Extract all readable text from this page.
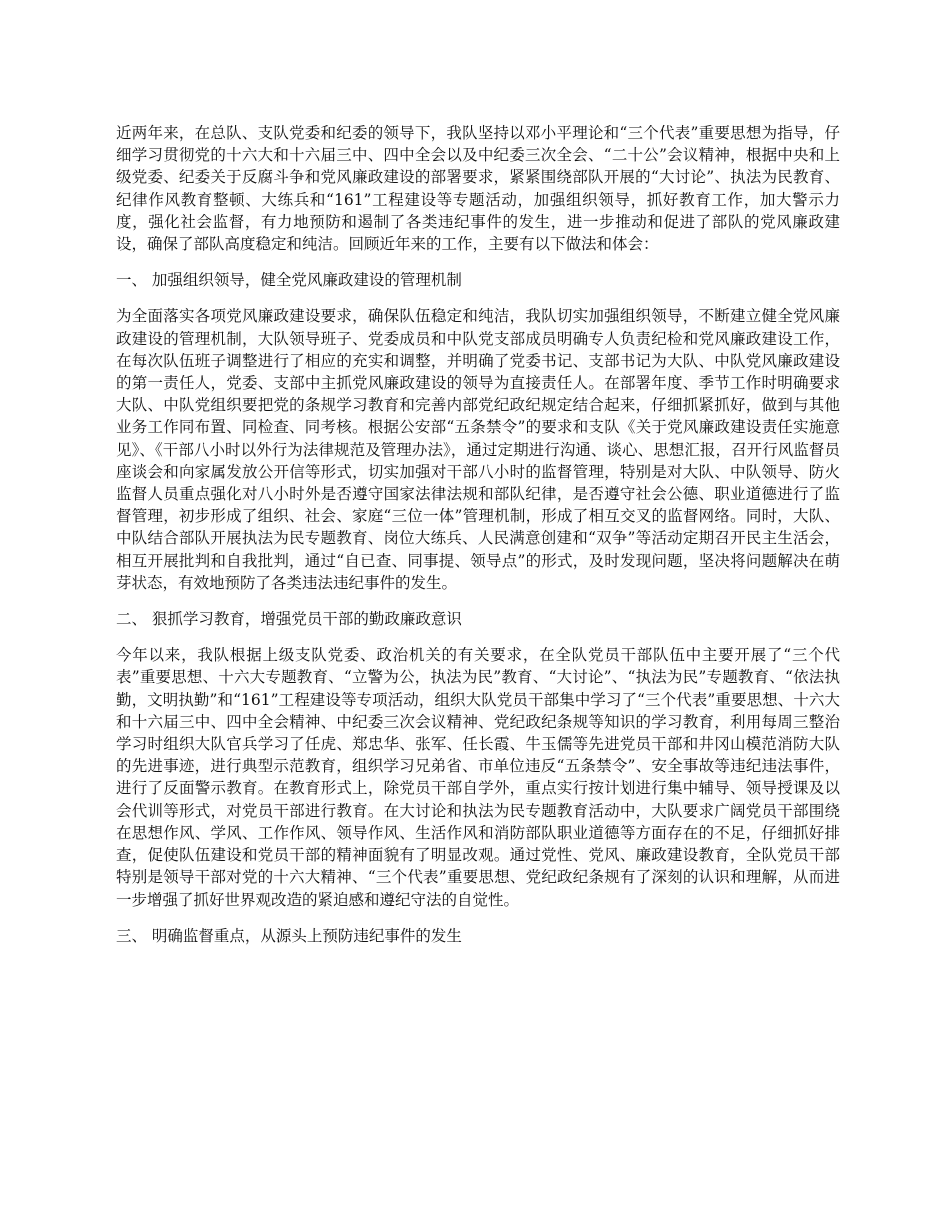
近两年来，在总队、支队党委和纪委的领导下，我队坚持以邓小平理论和“三个代表”重要思想为指导，仔细学习贯彻党的十六大和十六届三中、四中全会以及中纪委三次全会、“二十公”会议精神，根据中央和上级党委、纪委关于反腐斗争和党风廉政建设的部署要求，紧紧围绕部队开展的“大讨论”、执法为民教育、纪律作风教育整顿、大练兵和“161”工程建设等专题活动，加强组织领导，抓好教育工作，加大警示力度，强化社会监督，有力地预防和遏制了各类违纪事件的发生，进一步推动和促进了部队的党风廉政建设，确保了部队高度稳定和纯洁。回顾近年来的工作，主要有以下做法和体会：

一、 加强组织领导，健全党风廉政建设的管理机制

为全面落实各项党风廉政建设要求，确保队伍稳定和纯洁，我队切实加强组织领导，不断建立健全党风廉政建设的管理机制，大队领导班子、党委成员和中队党支部成员明确专人负责纪检和党风廉政建设工作，在每次队伍班子调整进行了相应的充实和调整，并明确了党委书记、支部书记为大队、中队党风廉政建设的第一责任人，党委、支部中主抓党风廉政建设的领导为直接责任人。在部署年度、季节工作时明确要求大队、中队党组织要把党的条规学习教育和完善内部党纪政纪规定结合起来，仔细抓紧抓好，做到与其他业务工作同布置、同检查、同考核。根据公安部“五条禁令”的要求和支队《关于党风廉政建设责任实施意见》、《干部八小时以外行为法律规范及管理办法》，通过定期进行沟通、谈心、思想汇报，召开行风监督员座谈会和向家属发放公开信等形式，切实加强对干部八小时的监督管理，特别是对大队、中队领导、防火监督人员重点强化对八小时外是否遵守国家法律法规和部队纪律，是否遵守社会公德、职业道德进行了监督管理，初步形成了组织、社会、家庭“三位一体”管理机制，形成了相互交叉的监督网络。同时，大队、中队结合部队开展执法为民专题教育、岗位大练兵、人民满意创建和“双争”等活动定期召开民主生活会，相互开展批判和自我批判，通过“自已查、同事提、领导点”的形式，及时发现问题，坚决将问题解决在萌芽状态，有效地预防了各类违法违纪事件的发生。

二、 狠抓学习教育，增强党员干部的勤政廉政意识

今年以来，我队根据上级支队党委、政治机关的有关要求，在全队党员干部队伍中主要开展了“三个代表”重要思想、十六大专题教育、“立警为公，执法为民”教育、“大讨论”、“执法为民”专题教育、“依法执勤，文明执勤”和“161”工程建设等专项活动，组织大队党员干部集中学习了“三个代表”重要思想、十六大和十六届三中、四中全会精神、中纪委三次会议精神、党纪政纪条规等知识的学习教育，利用每周三整治学习时组织大队官兵学习了任虎、郑忠华、张军、任长霞、牛玉儒等先进党员干部和井冈山模范消防大队的先进事迹，进行典型示范教育，组织学习兄弟省、市单位违反“五条禁令”、安全事故等违纪违法事件，进行了反面警示教育。在教育形式上，除党员干部自学外，重点实行按计划进行集中辅导、领导授课及以会代训等形式，对党员干部进行教育。在大讨论和执法为民专题教育活动中，大队要求广阔党员干部围绕在思想作风、学风、工作作风、领导作风、生活作风和消防部队职业道德等方面存在的不足，仔细抓好排查，促使队伍建设和党员干部的精神面貌有了明显改观。通过党性、党风、廉政建设教育，全队党员干部特别是领导干部对党的十六大精神、“三个代表”重要思想、党纪政纪条规有了深刻的认识和理解，从而进一步增强了抓好世界观改造的紧迫感和遵纪守法的自觉性。

三、 明确监督重点，从源头上预防违纪事件的发生
